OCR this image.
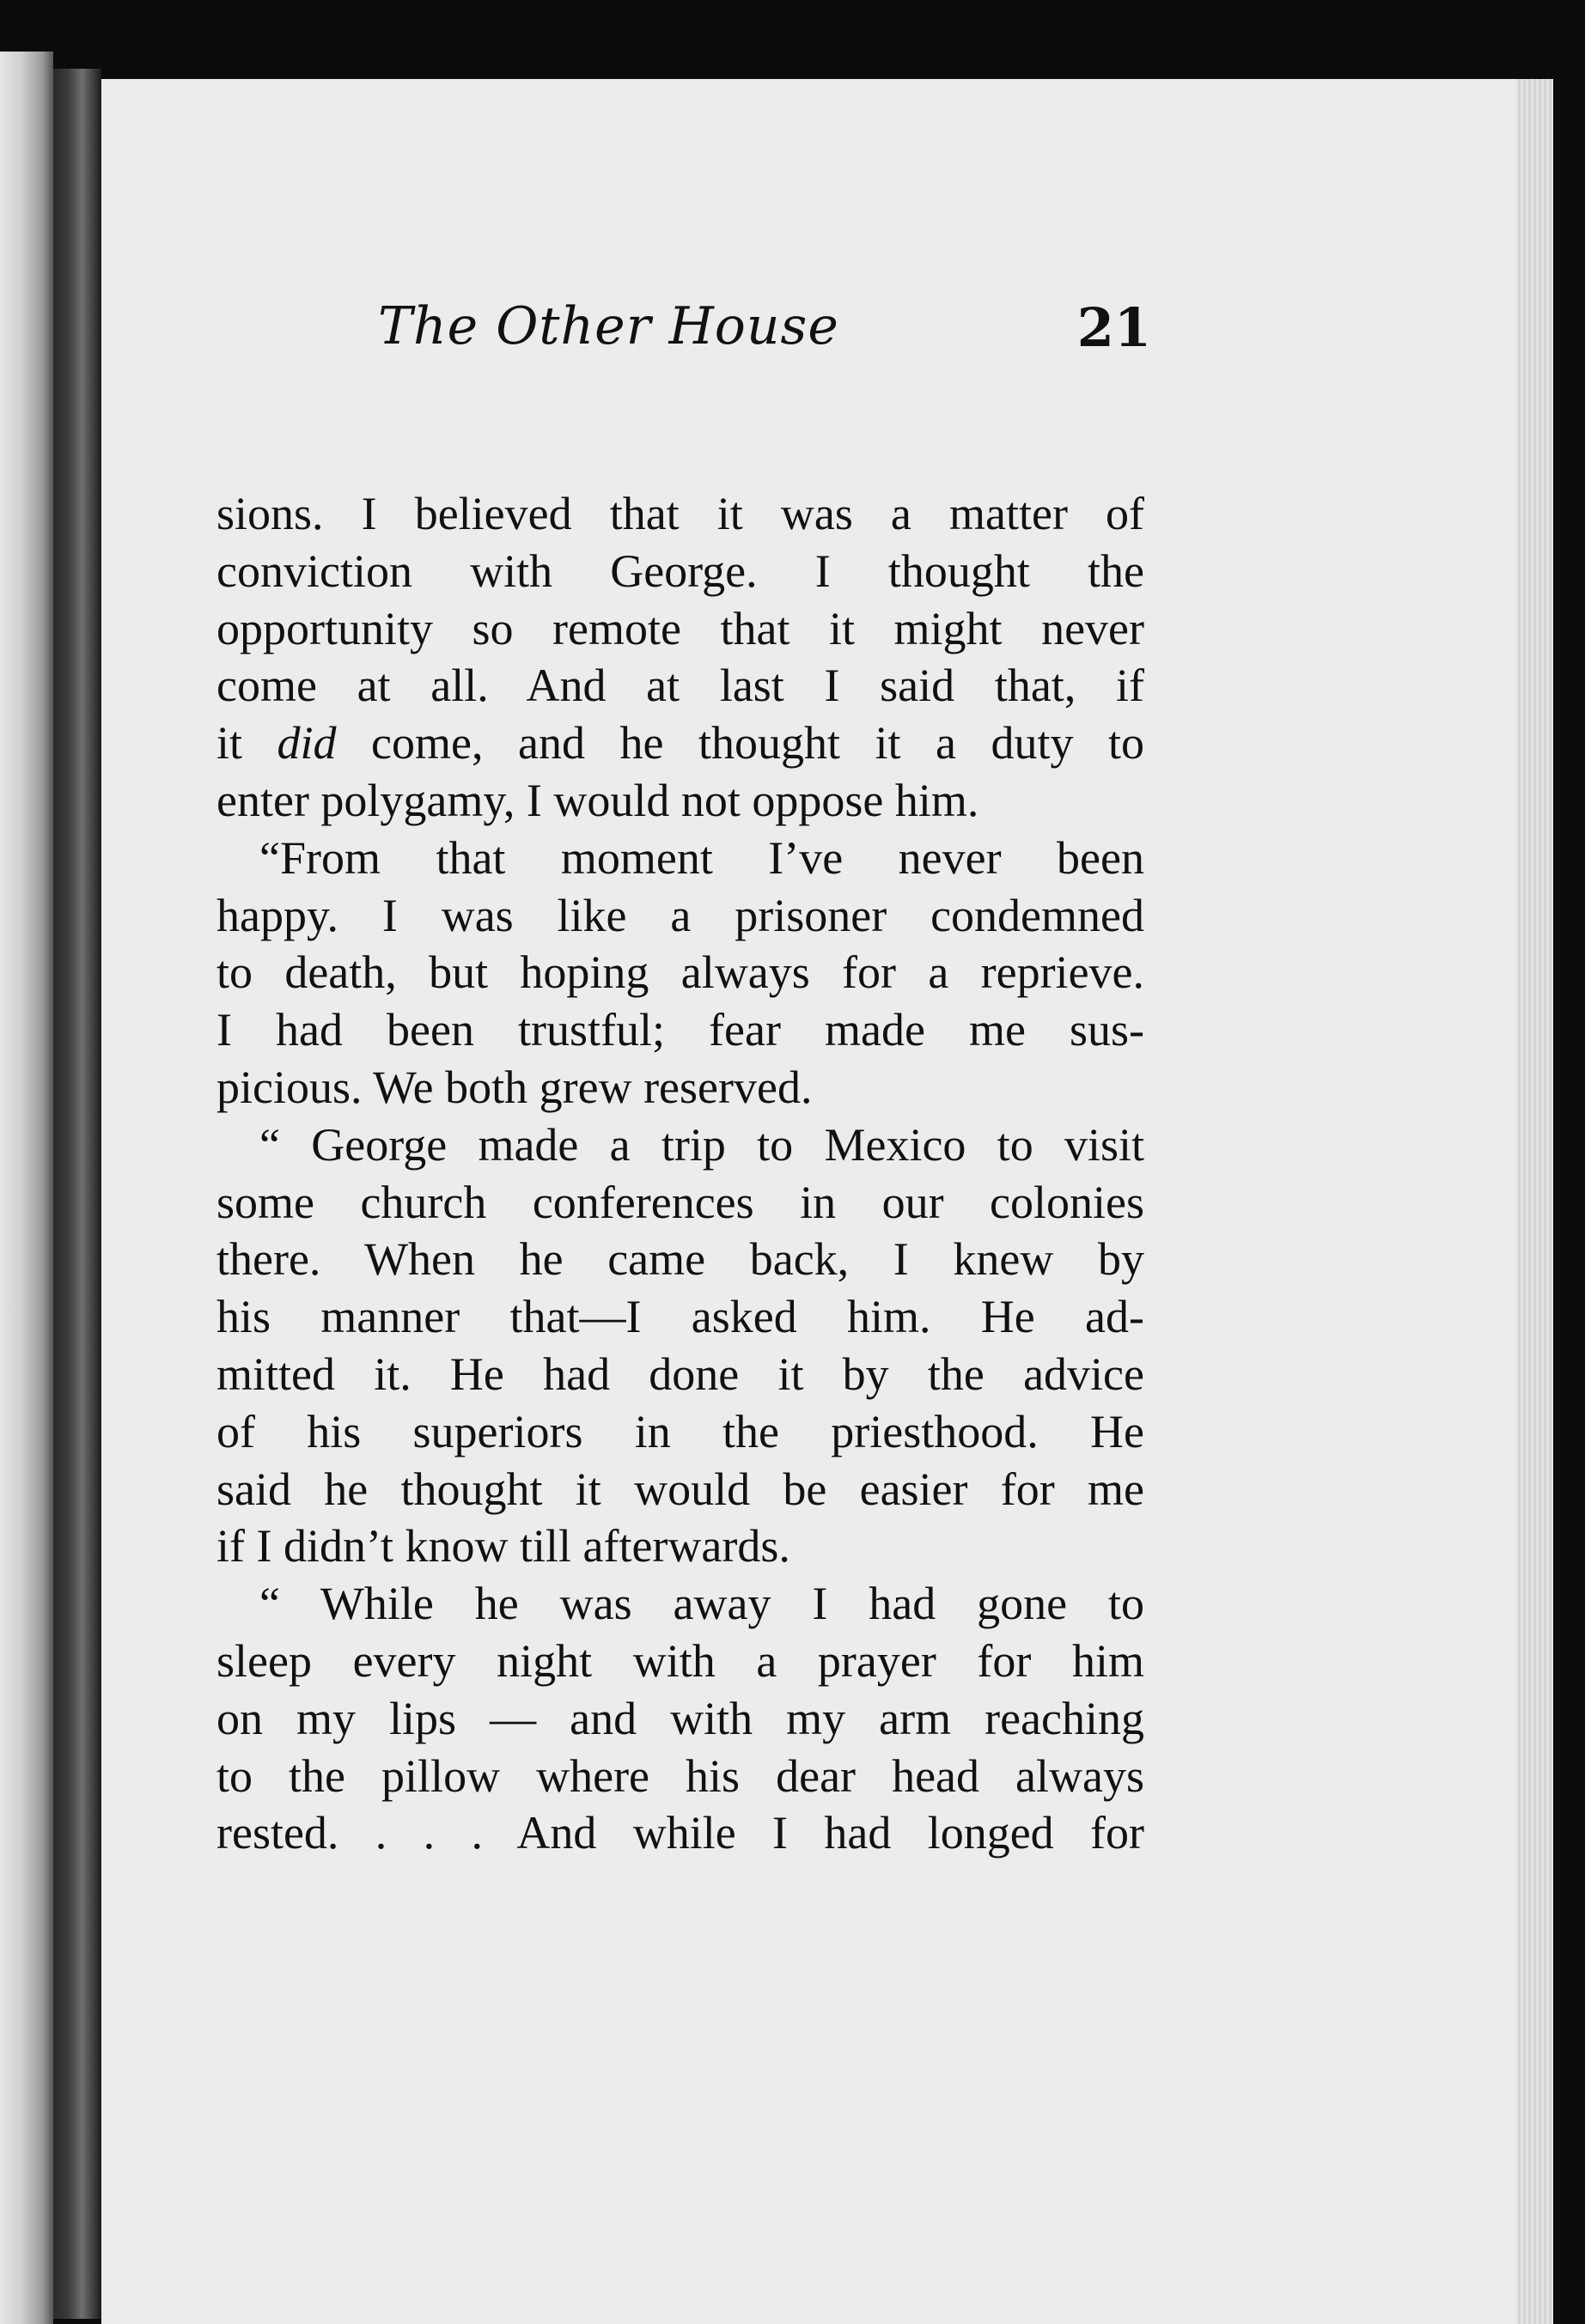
The Other House	21
sions. I believed that it was a matter of
conviction with George. I thought the
opportunity so remote that it might never
come at all. And at last I said that, if
it did come, and he thought it a duty to
enter polygamy, I would not oppose him.
“From that moment I’ve never been
happy. I was like a prisoner condemned
to death, but hoping always for a reprieve.
I had been trustful; fear made me sus-
picious. We both grew reserved.
“ George made a trip to Mexico to visit
some church conferences in our colonies
there. When he came back, I knew by
his manner that—I asked him. He ad-
mitted it. He had done it by the advice
of his superiors in the priesthood. He
said he thought it would be easier for me
if I didn’t know till afterwards.
“ While he was away I had gone to
sleep every night with a prayer for him
on my lips — and with my arm reaching
to the pillow where his dear head always
rested. . . . And while I had longed for
